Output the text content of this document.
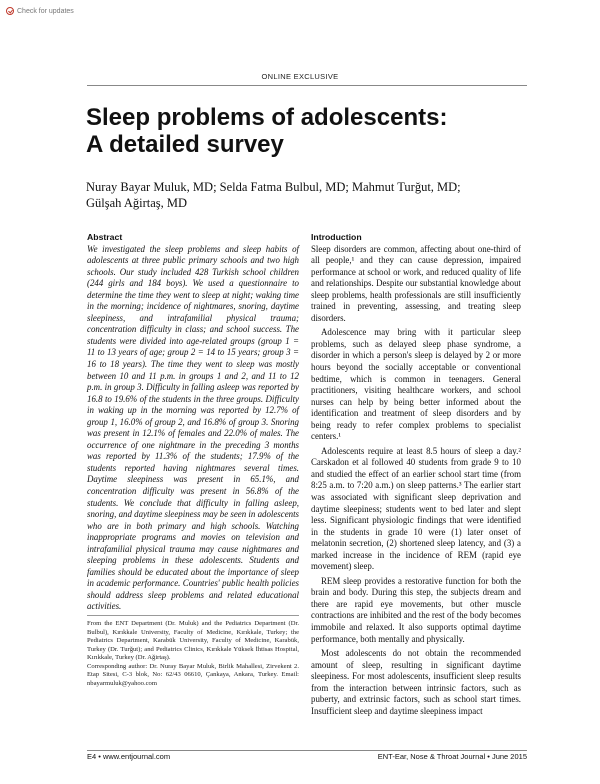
Check for updates
ONLINE EXCLUSIVE
Sleep problems of adolescents:
A detailed survey
Nuray Bayar Muluk, MD; Selda Fatma Bulbul, MD; Mahmut Turğut, MD;
Gülşah Ağirtaş, MD
Abstract

We investigated the sleep problems and sleep habits of adolescents at three public primary schools and two high schools. Our study included 428 Turkish school children (244 girls and 184 boys). We used a questionnaire to determine the time they went to sleep at night; waking time in the morning; incidence of nightmares, snoring, daytime sleepiness, and intrafamilial physical trauma; concentration difficulty in class; and school success. The students were divided into age-related groups (group 1 = 11 to 13 years of age; group 2 = 14 to 15 years; group 3 = 16 to 18 years). The time they went to sleep was mostly between 10 and 11 p.m. in groups 1 and 2, and 11 to 12 p.m. in group 3. Difficulty in falling asleep was reported by 16.8 to 19.6% of the students in the three groups. Difficulty in waking up in the morning was reported by 12.7% of group 1, 16.0% of group 2, and 16.8% of group 3. Snoring was present in 12.1% of females and 22.0% of males. The occurrence of one nightmare in the preceding 3 months was reported by 11.3% of the students; 17.9% of the students reported having nightmares several times. Daytime sleepiness was present in 65.1%, and concentration difficulty was present in 56.8% of the students. We conclude that difficulty in falling asleep, snoring, and daytime sleepiness may be seen in adolescents who are in both primary and high schools. Watching inappropriate programs and movies on television and intrafamilial physical trauma may cause nightmares and sleeping problems in these adolescents. Students and families should be educated about the importance of sleep in academic performance. Countries' public health policies should address sleep problems and related educational activities.

From the ENT Department (Dr. Muluk) and the Pediatrics Department (Dr. Bulbul), Kırıkkale University, Faculty of Medicine, Kırıkkale, Turkey; the Pediatrics Department, Karabük University, Faculty of Medicine, Karabük, Turkey (Dr. Turğut); and Pediatrics Clinics, Kırıkkale Yüksek İhtisas Hospital, Kırıkkale, Turkey (Dr. Ağirtaş).

Corresponding author: Dr. Nuray Bayar Muluk, Birlik Mahallesi, Zirvekent 2. Etap Sitesi, C-3 blok, No: 62/43 06610, Çankaya, Ankara, Turkey. Email: nbayarmuluk@yahoo.com

Introduction

Sleep disorders are common, affecting about one-third of all people,¹ and they can cause depression, impaired performance at school or work, and reduced quality of life and relationships. Despite our substantial knowledge about sleep problems, health professionals are still insufficiently trained in preventing, assessing, and treating sleep disorders.

Adolescence may bring with it particular sleep problems, such as delayed sleep phase syndrome, a disorder in which a person's sleep is delayed by 2 or more hours beyond the socially acceptable or conventional bedtime, which is common in teenagers. General practitioners, visiting healthcare workers, and school nurses can help by being better informed about the identification and treatment of sleep disorders and by being ready to refer complex problems to specialist centers.¹

Adolescents require at least 8.5 hours of sleep a day.² Carskadon et al followed 40 students from grade 9 to 10 and studied the effect of an earlier school start time (from 8:25 a.m. to 7:20 a.m.) on sleep patterns.³ The earlier start was associated with significant sleep deprivation and daytime sleepiness; students went to bed later and slept less. Significant physiologic findings that were identified in the students in grade 10 were (1) later onset of melatonin secretion, (2) shortened sleep latency, and (3) a marked increase in the incidence of REM (rapid eye movement) sleep.

REM sleep provides a restorative function for both the brain and body. During this step, the subjects dream and there are rapid eye movements, but other muscle contractions are inhibited and the rest of the body becomes immobile and relaxed. It also supports optimal daytime performance, both mentally and physically.

Most adolescents do not obtain the recommended amount of sleep, resulting in significant daytime sleepiness. For most adolescents, insufficient sleep results from the interaction between intrinsic factors, such as puberty, and extrinsic factors, such as school start times. Insufficient sleep and daytime sleepiness impact

E4 • www.entjournal.com	ENT-Ear, Nose & Throat Journal • June 2015
